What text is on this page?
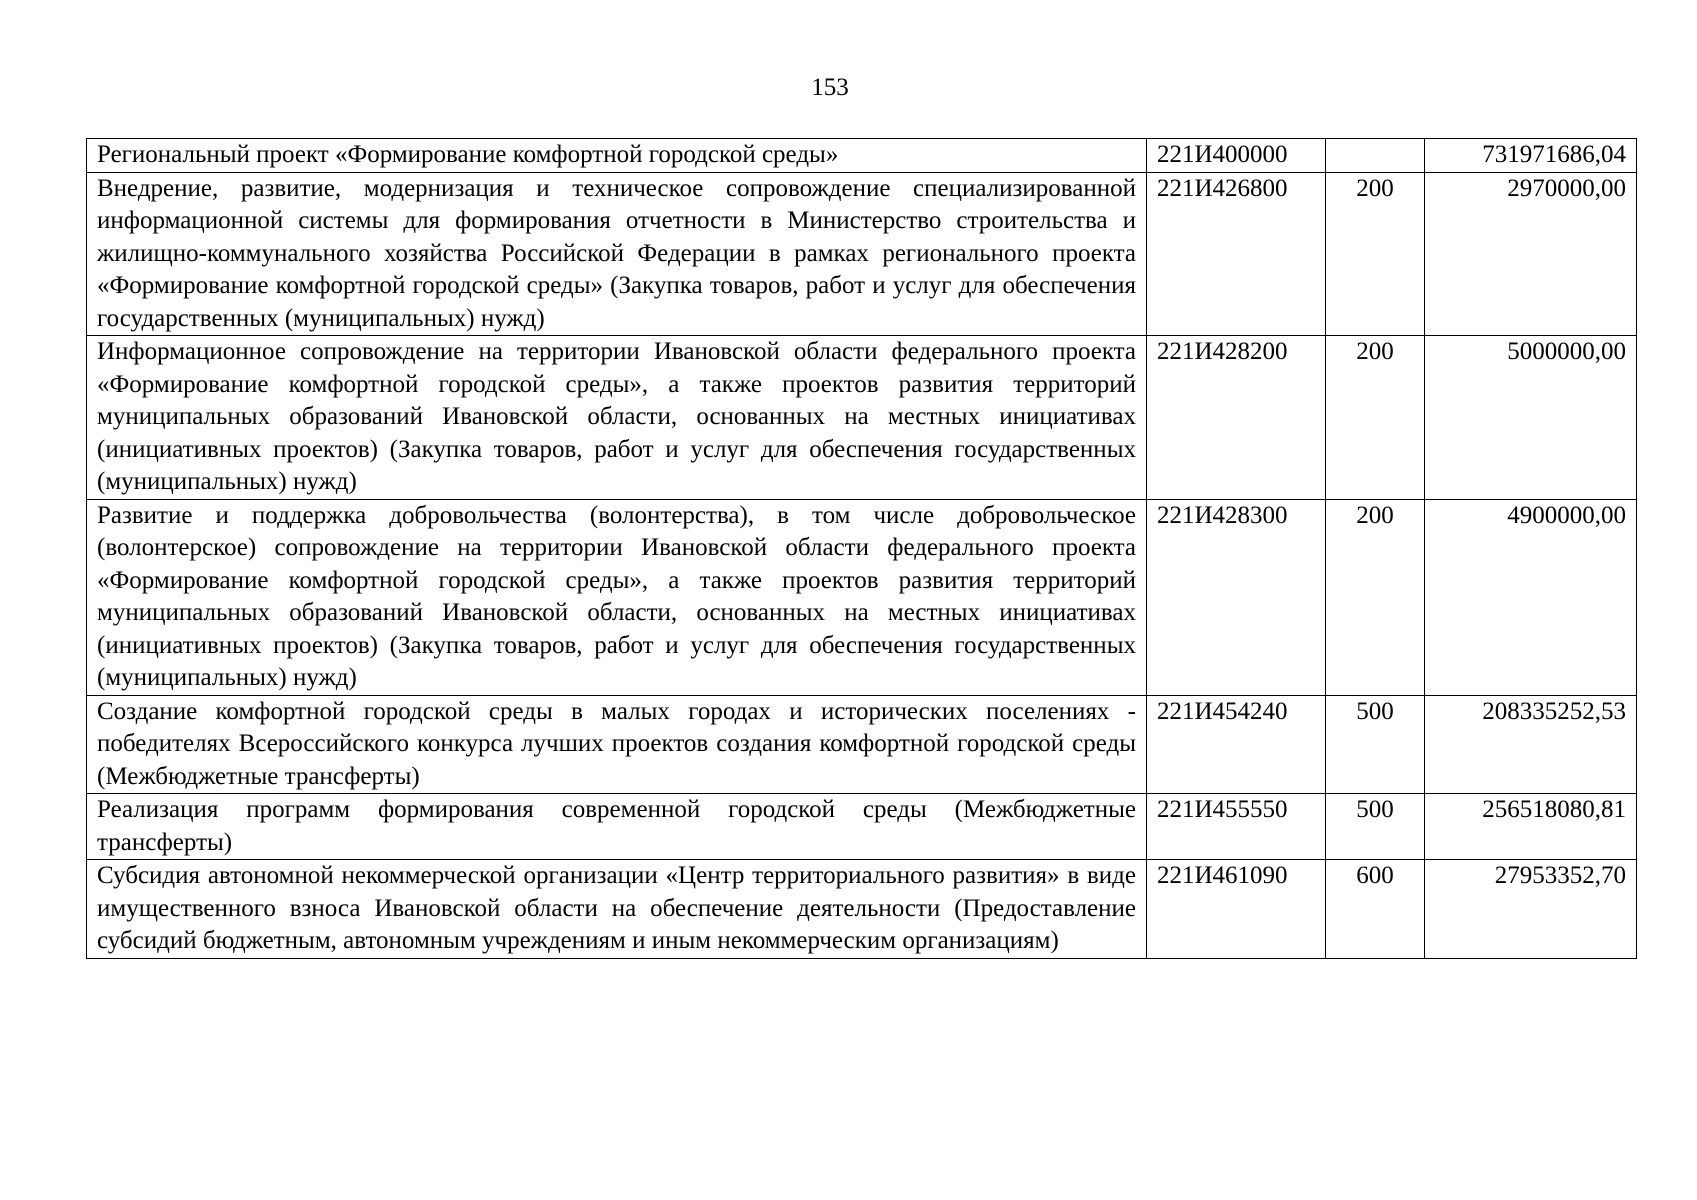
153
Региональный проект «Формирование комфортной городской среды»	221И400000		731971686,04
Внедрение, развитие, модернизация и техническое сопровождение специализированной информационной системы для формирования отчетности в Министерство строительства и жилищно-коммунального хозяйства Российской Федерации в рамках регионального проекта «Формирование комфортной городской среды» (Закупка товаров, работ и услуг для обеспечения государственных (муниципальных) нужд)	221И426800	200	2970000,00
Информационное сопровождение на территории Ивановской области федерального проекта «Формирование комфортной городской среды», а также проектов развития территорий муниципальных образований Ивановской области, основанных на местных инициативах (инициативных проектов) (Закупка товаров, работ и услуг для обеспечения государственных (муниципальных) нужд)	221И428200	200	5000000,00
Развитие и поддержка добровольчества (волонтерства), в том числе добровольческое (волонтерское) сопровождение на территории Ивановской области федерального проекта «Формирование комфортной городской среды», а также проектов развития территорий муниципальных образований Ивановской области, основанных на местных инициативах (инициативных проектов) (Закупка товаров, работ и услуг для обеспечения государственных (муниципальных) нужд)	221И428300	200	4900000,00
Создание комфортной городской среды в малых городах и исторических поселениях - победителях Всероссийского конкурса лучших проектов создания комфортной городской среды (Межбюджетные трансферты)	221И454240	500	208335252,53
Реализация программ формирования современной городской среды (Межбюджетные трансферты)	221И455550	500	256518080,81
Субсидия автономной некоммерческой организации «Центр территориального развития» в виде имущественного взноса Ивановской области на обеспечение деятельности (Предоставление субсидий бюджетным, автономным учреждениям и иным некоммерческим организациям)	221И461090	600	27953352,70
